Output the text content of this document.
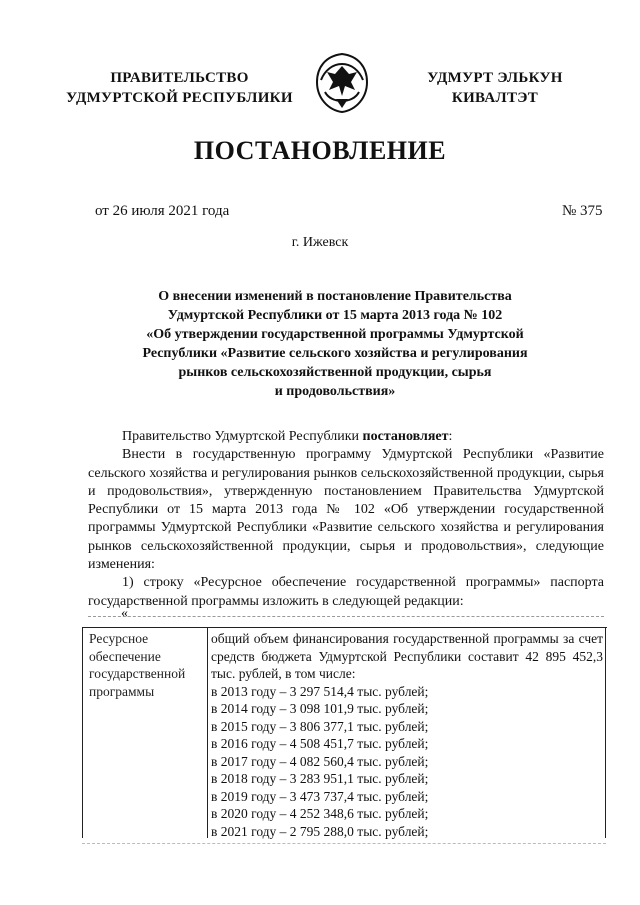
ПРАВИТЕЛЬСТВО
УДМУРТСКОЙ РЕСПУБЛИКИ
УДМУРТ ЭЛЬКУН
КИВАЛТЭТ
ПОСТАНОВЛЕНИЕ
от 26 июля 2021 года	№ 375
г. Ижевск
О внесении изменений в постановление Правительства
Удмуртской Республики от 15 марта 2013 года № 102
«Об утверждении государственной программы Удмуртской
Республики «Развитие сельского хозяйства и регулирования
рынков сельскохозяйственной продукции, сырья
и продовольствия»

Правительство Удмуртской Республики постановляет:

Внести в государственную программу Удмуртской Республики «Развитие сельского хозяйства и регулирования рынков сельскохозяйственной продукции, сырья и продовольствия», утвержденную постановлением Правительства Удмуртской Республики от 15 марта 2013 года № 102 «Об утверждении государственной программы Удмуртской Республики «Развитие сельского хозяйства и регулирования рынков сельскохозяйственной продукции, сырья и продовольствия», следующие изменения:

1) строку «Ресурсное обеспечение государственной программы» паспорта государственной программы изложить в следующей редакции:

«
Ресурсное
обеспечение
государственной
программы
общий объем финансирования государственной программы за счет средств бюджета Удмуртской Республики составит 42 895 452,3 тыс. рублей, в том числе:
в 2013 году – 3 297 514,4 тыс. рублей;
в 2014 году – 3 098 101,9 тыс. рублей;
в 2015 году – 3 806 377,1 тыс. рублей;
в 2016 году – 4 508 451,7 тыс. рублей;
в 2017 году – 4 082 560,4 тыс. рублей;
в 2018 году – 3 283 951,1 тыс. рублей;
в 2019 году – 3 473 737,4 тыс. рублей;
в 2020 году – 4 252 348,6 тыс. рублей;
в 2021 году – 2 795 288,0 тыс. рублей;
